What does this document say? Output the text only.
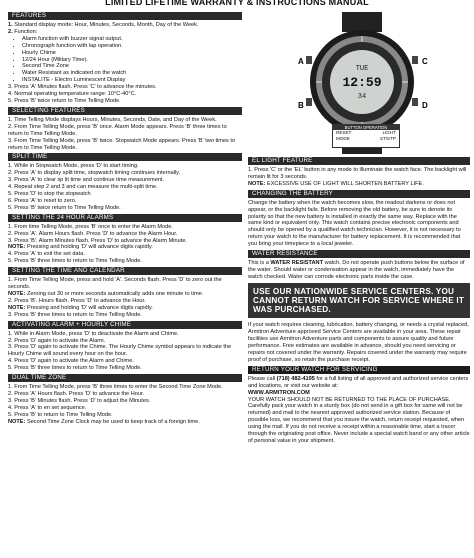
LIMITED LIFETIME WARRANTY & INSTRUCTIONS MANUAL
FEATURES

1. Standard display mode: Hour, Minutes, Seconds, Month, Day of the Week.

2. Function:

• Alarm function with buzzer signal output.
• Chronograph function with lap operation.
• Hourly Chime
• 12/24 Hour (Military Time).
• Second Time Zone
• Water Resistant as indicated on the watch
• INSTALITE - Electro Luminescent Display

3. Press 'A' Minutes flash. Press 'C' to advance the minutes.

4. Normal operating temperature range: 10°C-40°C.

5. Press 'B' twice return to Time Telling Mode.

SELECTING FEATURES

1. Time Telling Mode displays Hours, Minutes, Seconds, Date, and Day of the Week.

2. From Time Telling Mode, press 'B' once. Alarm Mode appears. Press 'B' three times to return to Time Telling Mode.

3. From Time Telling Mode, press 'B' twice. Stopwatch Mode appears. Press 'B' two times to return to Time Telling Mode.

SPLIT TIME

1. While in Stopwatch Mode, press 'D' to start timing.

2. Press 'A' to display split time, stopwatch timing continues internally.

3. Press 'A' to clear sp lit time and continue time measurement.

4. Repeat step 2 and 3 and can measure the multi-split time.

5. Press 'D' to stop the stopwatch

6. Press 'A' to reset to zero.

5. Press 'B' twice return to Time Telling Mode.

SETTING THE 24 HOUR ALARMS

1. From time Telling Mode, press 'B' once to enter the Alarm Mode.

2. Press 'A'. Alarm Hours flash. Press 'D' to advance the Alarm Hour.

3. Press 'B'. Alarm Minutes flash. Press 'D' to advance the Alarm Minute.

NOTE: Pressing and holding 'D' will advance digits rapidly.

4. Press 'A' to exit the set data.

5. Press 'B' three times to return to Time Telling Mode.

SETTING THE TIME AND CALENDAR

1. From Time Telling Mode, press and hold 'A'. Seconds flash. Press 'D' to zero out the seconds.

NOTE: Zeroing out 30 or more seconds automatically adds one minute to time.

2. Press 'B'. Hours flash. Press 'D' to advance the Hour.

NOTE: Pressing and holding 'D' will advance digits rapidly.

3. Press 'B' three times to return to Time Telling Mode.

ACTIVATING ALARM + HOURLY CHIME

1. While in Alarm Mode, press 'D' to deactivate the Alarm and Chime.

2. Press 'D' again to activate the Alarm.

3. Press 'D' again to activate the Chime. The Hourly Chime symbol appears to indicate the Hourly Chime will sound every hour on the hour.

4. Press 'D' again to activate the Alarm and Chime.

5. Press 'B' three times to return to Time Telling Mode.

DUAL TIME ZONE

1. From Time Telling Mode, press 'B' three times to enter the Second Time Zone Mode.

2. Press 'A' Hours flash. Press 'D' to advance the Hour.

3. Press 'B' Minutes flash. Press 'D' to adjust the Minutes.

4. Press 'A' to en set sequence.

5. Press 'B' to return to Time Telling Mode.

NOTE: Second Time Zone Clock may be used to keep track of a foreign time.

TUE
12:59
34
A
B
C
D
BUTTON OPERATION
RESET	LIGHT
MODE	ST/STP
EL LIGHT FEATURE

1. Press 'C' or the 'EL' button in any mode to illuminate the watch face. The backlight will remain lit for 3 seconds.

NOTE: EXCESSIVE USE OF LIGHT WILL SHORTEN BATTERY LIFE.

CHANGING THE BATTERY

Change the battery when the watch becomes slow, the readout darkens or does not appear, or the backlight fails. Before removing the old battery, be sure to denote its polarity so that the new battery is installed in exactly the same way. Replace with the same kind or equivalent only. This watch contains precise electronic components and should only be opened by a qualified watch technician. However, it is not necessary to return your watch to the manufacturer for battery replacement. It is recommended that you bring your timepiece to a local jeweler.

WATER RESISTANCE

This is a WATER RESISTANT watch. Do not operate push buttons below the surface of the water. Should water or condensation appear in the watch, immediately have the watch checked. Water can corrode electronic parts inside the case.

USE OUR NATIONWIDE SERVICE CENTERS. YOU CANNOT RETURN WATCH FOR SERVICE WHERE IT WAS PURCHASED.

If your watch requires cleaning, lubrication, battery changing, or needs a crystal replaced, Armitron Adventure approved Service Centers are available in your area. These repair facilities use Armitron Adventure parts and components to assure quality and future performance. Free estimates are available in advance, should you need servicing or repairs not covered under the warranty. Repairs covered under the warranty may require proof of purchase, so retain the purchase receipt.

RETURN YOUR WATCH FOR SERVICING

Please call (718) 482-4195 for a full listing of all approved and authorized service centers and locations, or visit our website at:

WWW.ARMITRON.COM

YOUR WATCH SHOULD NOT BE RETURNED TO THE PLACE OF PURCHASE. Carefully pack your watch in a sturdy box (do not send in a gift box for same will not be returned) and mail to the nearest approved authorized service station. Because of possible loss, we recommend that you insure the watch, return receipt requested, when using the mail. If you do not receive a receipt within a reasonable time, start a tracer through the originating post office. Never include a special watch band or any other article of personal value in your shipment.
